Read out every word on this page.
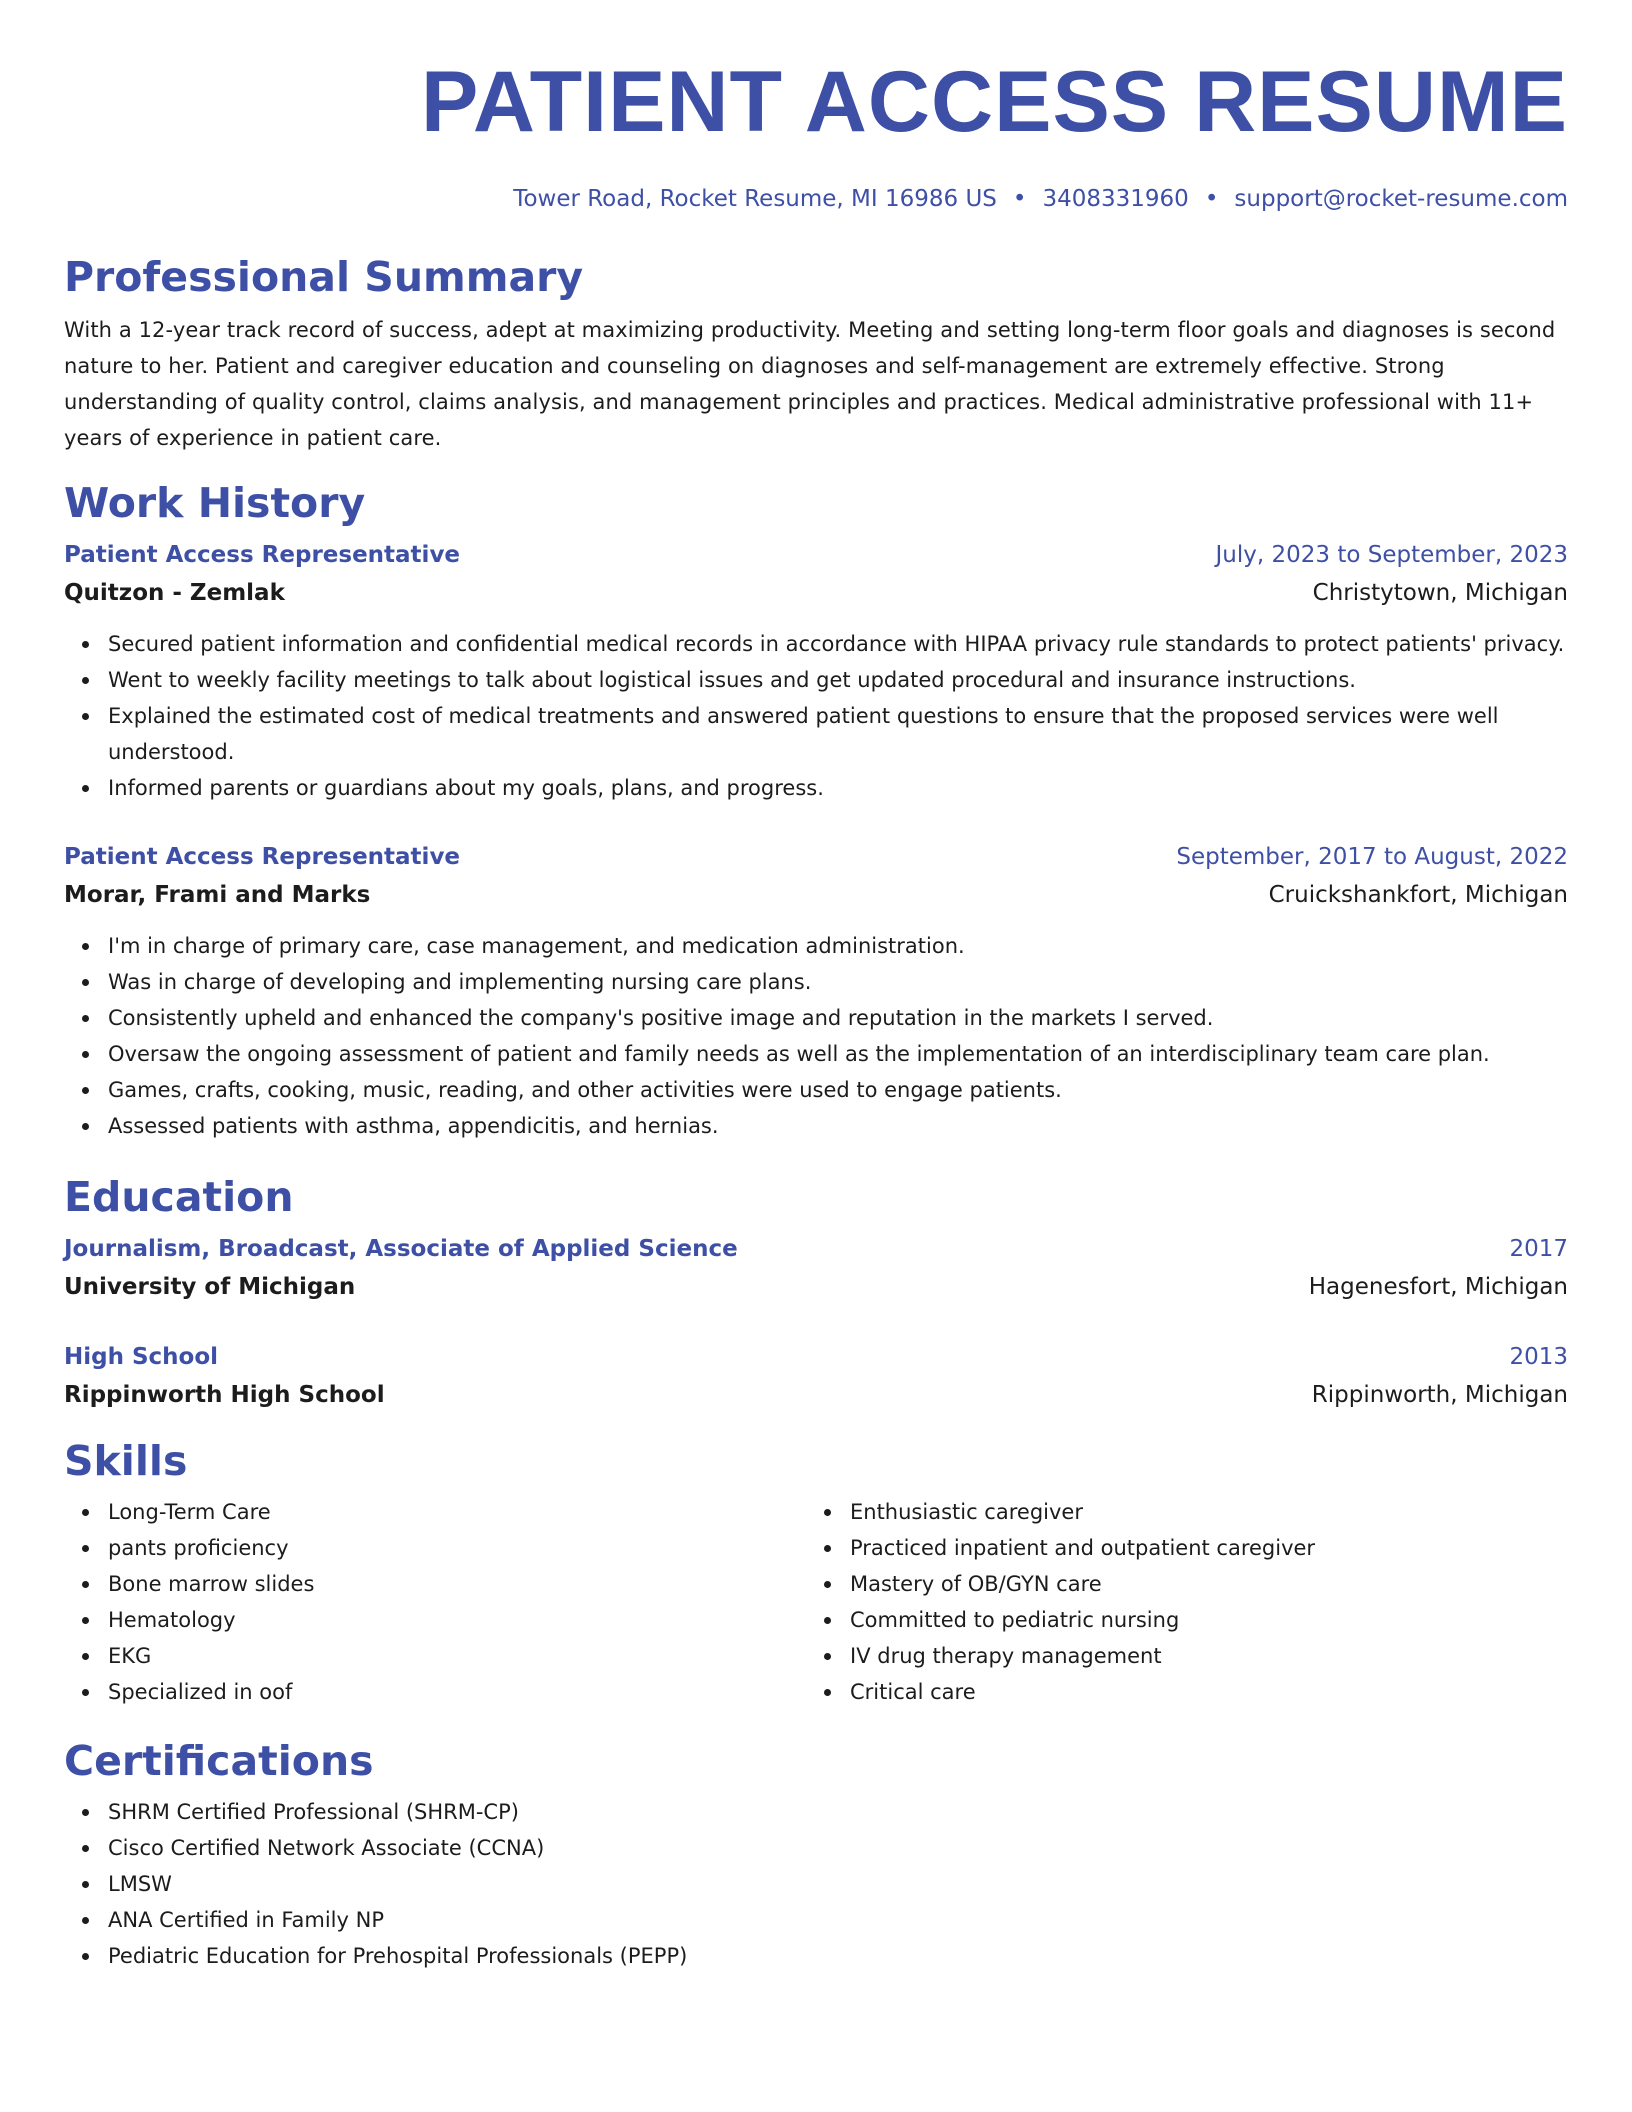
PATIENT ACCESS RESUME
Tower Road, Rocket Resume, MI 16986 US • 3408331960 • support@rocket-resume.com
Professional Summary

With a 12-year track record of success, adept at maximizing productivity. Meeting and setting long-term floor goals and diagnoses is second nature to her. Patient and caregiver education and counseling on diagnoses and self-management are extremely effective. Strong understanding of quality control, claims analysis, and management principles and practices. Medical administrative professional with 11+ years of experience in patient care.

Work History
Patient Access Representative	July, 2023 to September, 2023
Quitzon - Zemlak	Christytown, Michigan
Secured patient information and confidential medical records in accordance with HIPAA privacy rule standards to protect patients' privacy.
Went to weekly facility meetings to talk about logistical issues and get updated procedural and insurance instructions.
Explained the estimated cost of medical treatments and answered patient questions to ensure that the proposed services were well understood.
Informed parents or guardians about my goals, plans, and progress.
Patient Access Representative	September, 2017 to August, 2022
Morar, Frami and Marks	Cruickshankfort, Michigan
I'm in charge of primary care, case management, and medication administration.
Was in charge of developing and implementing nursing care plans.
Consistently upheld and enhanced the company's positive image and reputation in the markets I served.
Oversaw the ongoing assessment of patient and family needs as well as the implementation of an interdisciplinary team care plan.
Games, crafts, cooking, music, reading, and other activities were used to engage patients.
Assessed patients with asthma, appendicitis, and hernias.
Education
Journalism, Broadcast, Associate of Applied Science	2017
University of Michigan	Hagenesfort, Michigan
High School	2013
Rippinworth High School	Rippinworth, Michigan
Skills
Long-Term Care
pants proficiency
Bone marrow slides
Hematology
EKG
Specialized in oof
Enthusiastic caregiver
Practiced inpatient and outpatient caregiver
Mastery of OB/GYN care
Committed to pediatric nursing
IV drug therapy management
Critical care
Certifications
SHRM Certified Professional (SHRM-CP)
Cisco Certified Network Associate (CCNA)
LMSW
ANA Certified in Family NP
Pediatric Education for Prehospital Professionals (PEPP)
